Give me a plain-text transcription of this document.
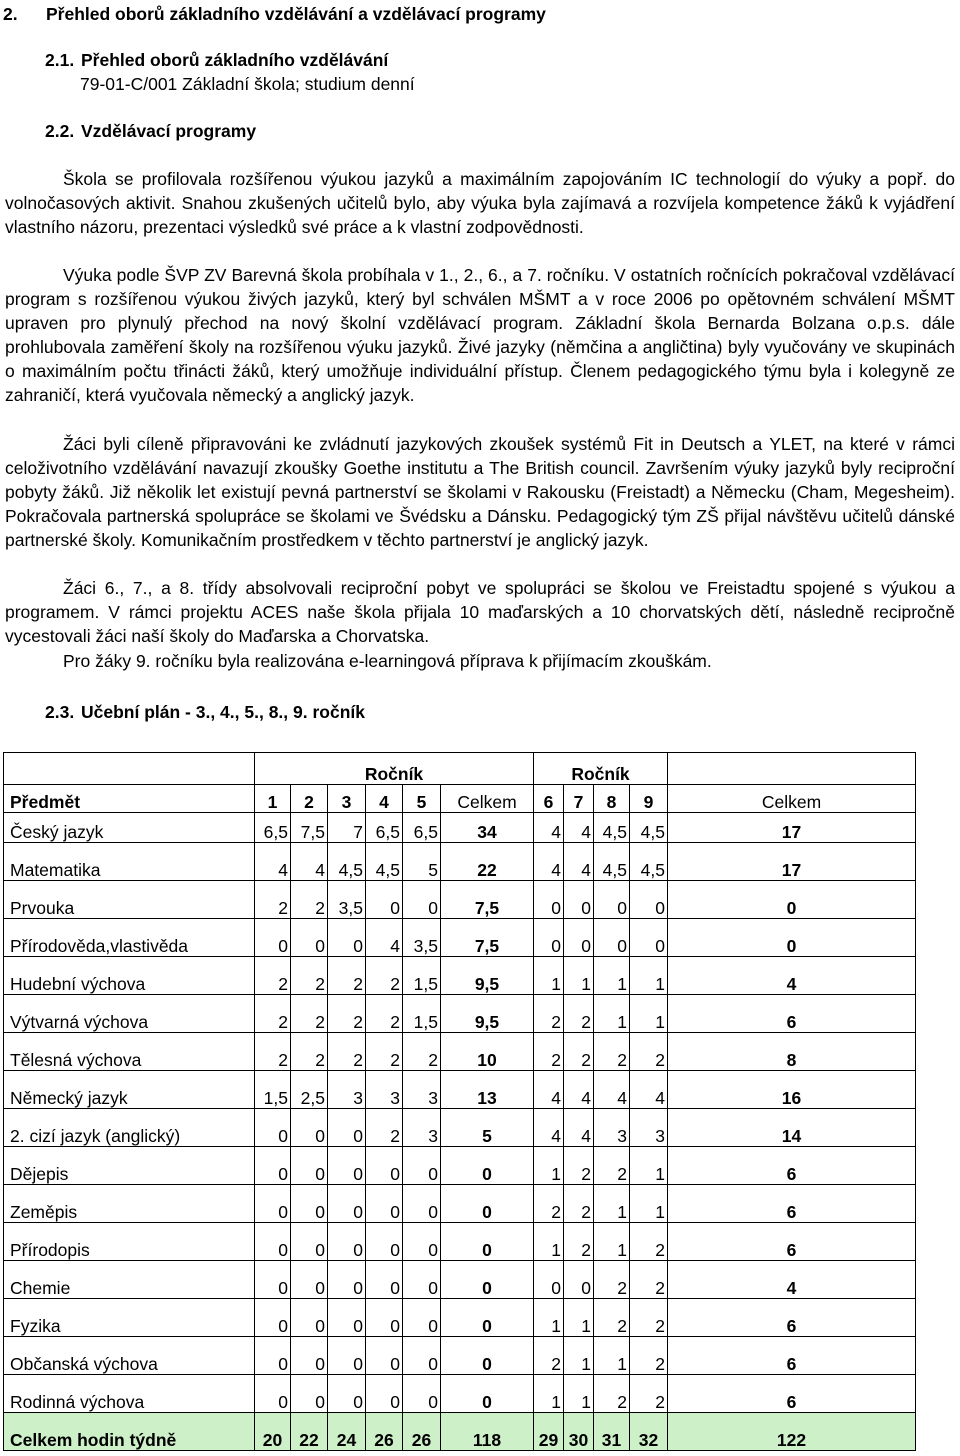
2. Přehled oborů základního vzdělávání a vzdělávací programy
2.1. Přehled oborů základního vzdělávání
79-01-C/001 Základní škola; studium denní
2.2. Vzdělávací programy

Škola se profilovala rozšířenou výukou jazyků a maximálním zapojováním IC technologií do výuky a popř. do volnočasových aktivit. Snahou zkušených učitelů bylo, aby výuka byla zajímavá a rozvíjela kompetence žáků k vyjádření vlastního názoru, prezentaci výsledků své práce a k vlastní zodpovědnosti.

Výuka podle ŠVP ZV Barevná škola probíhala v 1., 2., 6., a 7. ročníku. V ostatních ročnících pokračoval vzdělávací program s rozšířenou výukou živých jazyků, který byl schválen MŠMT a v roce 2006 po opětovném schválení MŠMT upraven pro plynulý přechod na nový školní vzdělávací program. Základní škola Bernarda Bolzana o.p.s. dále prohlubovala zaměření školy na rozšířenou výuku jazyků. Živé jazyky (němčina a angličtina) byly vyučovány ve skupinách o maximálním počtu třinácti žáků, který umožňuje individuální přístup. Členem pedagogického týmu byla i kolegyně ze zahraničí, která vyučovala německý a anglický jazyk.

Žáci byli cíleně připravováni ke zvládnutí jazykových zkoušek systémů Fit in Deutsch a YLET, na které v rámci celoživotního vzdělávání navazují zkoušky Goethe institutu a The British council. Završením výuky jazyků byly reciproční pobyty žáků. Již několik let existují pevná partnerství se školami v Rakousku (Freistadt) a Německu (Cham, Megesheim). Pokračovala partnerská spolupráce se školami ve Švédsku a Dánsku. Pedagogický tým ZŠ přijal návštěvu učitelů dánské partnerské školy. Komunikačním prostředkem v těchto partnerství je anglický jazyk.

Žáci 6., 7., a 8. třídy absolvovali reciproční pobyt ve spolupráci se školou ve Freistadtu spojené s výukou a programem. V rámci projektu ACES naše škola přijala 10 maďarských a 10 chorvatských dětí, následně recipročně vycestovali žáci naší školy do Maďarska a Chorvatska.

Pro žáky 9. ročníku byla realizována e-learningová příprava k přijímacím zkouškám.

2.3. Učební plán - 3., 4., 5., 8., 9. ročník
	Ročník						Ročník				
Předmět	1	2	3	4	5	Celkem	6	7	8	9	Celkem
Český jazyk	6,5	7,5	7	6,5	6,5	34	4	4	4,5	4,5	17
Matematika	4	4	4,5	4,5	5	22	4	4	4,5	4,5	17
Prvouka	2	2	3,5	0	0	7,5	0	0	0	0	0
Přírodověda,vlastivěda	0	0	0	4	3,5	7,5	0	0	0	0	0
Hudební výchova	2	2	2	2	1,5	9,5	1	1	1	1	4
Výtvarná výchova	2	2	2	2	1,5	9,5	2	2	1	1	6
Tělesná výchova	2	2	2	2	2	10	2	2	2	2	8
Německý jazyk	1,5	2,5	3	3	3	13	4	4	4	4	16
2. cizí jazyk (anglický)	0	0	0	2	3	5	4	4	3	3	14
Dějepis	0	0	0	0	0	0	1	2	2	1	6
Zeměpis	0	0	0	0	0	0	2	2	1	1	6
Přírodopis	0	0	0	0	0	0	1	2	1	2	6
Chemie	0	0	0	0	0	0	0	0	2	2	4
Fyzika	0	0	0	0	0	0	1	1	2	2	6
Občanská výchova	0	0	0	0	0	0	2	1	1	2	6
Rodinná výchova	0	0	0	0	0	0	1	1	2	2	6
Celkem hodin týdně	20	22	24	26	26	118	29	30	31	32	122
